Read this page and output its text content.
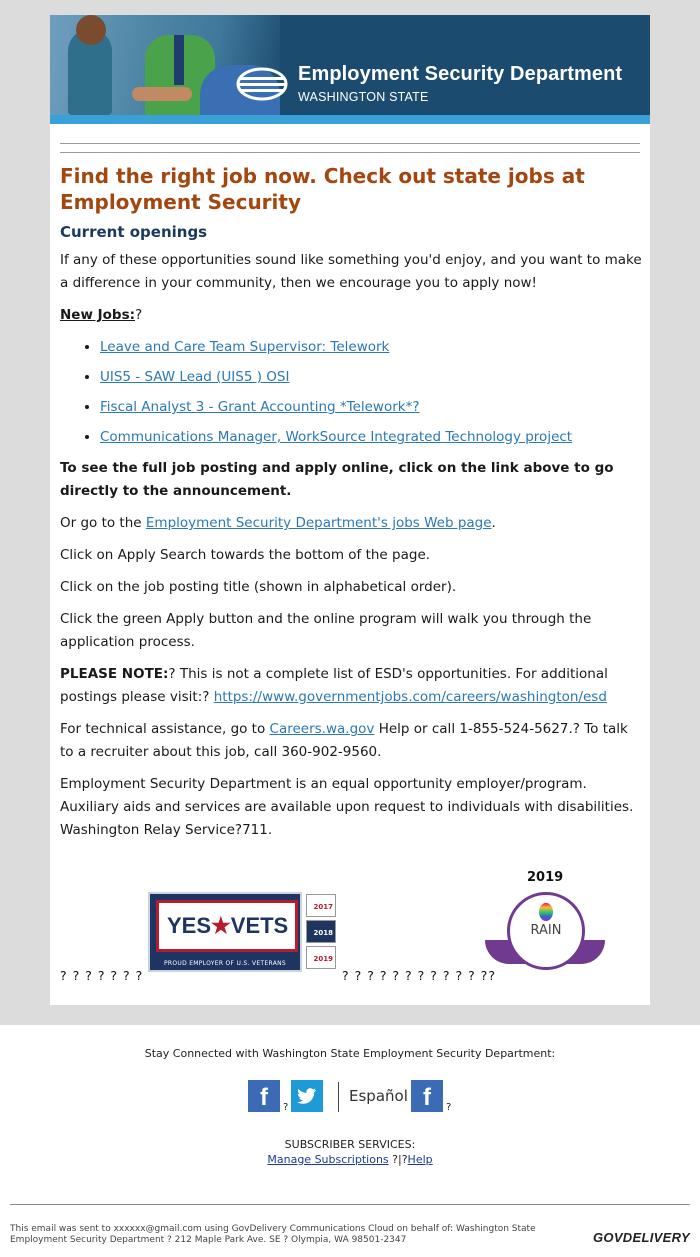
Employment Security Department
WASHINGTON STATE
Find the right job now. Check out state jobs at Employment Security
Current openings

If any of these opportunities sound like something you'd enjoy, and you want to make a difference in your community, then we encourage you to apply now!

New Jobs:?

• Leave and Care Team Supervisor: Telework
• UIS5 - SAW Lead (UIS5 ) OSI
• Fiscal Analyst 3 - Grant Accounting *Telework*?
• Communications Manager, WorkSource Integrated Technology project

To see the full job posting and apply online, click on the link above to go directly to the announcement.

Or go to the Employment Security Department's jobs Web page.

Click on Apply Search towards the bottom of the page.

Click on the job posting title (shown in alphabetical order).

Click the green Apply button and the online program will walk you through the application process.

PLEASE NOTE:? This is not a complete list of ESD's opportunities. For additional postings please visit:? https://www.governmentjobs.com/careers/washington/esd

For technical assistance, go to Careers.wa.gov Help or call 1-855-524-5627.? To talk to a recruiter about this job, call 360-902-9560.

Employment Security Department is an equal opportunity employer/program. Auxiliary aids and services are available upon request to individuals with disabilities. Washington Relay Service?711.

? ? ? ? ? ? ?
YES★VETS
PROUD EMPLOYER OF U.S. VETERANS
2017
2018
2019
? ? ? ? ? ? ? ? ? ? ? ??
2019
RAIN
Stay Connected with Washington State Employment Security Department:
f	?
Español f	?
SUBSCRIBER SERVICES:
Manage Subscriptions ?|?Help
This email was sent to xxxxxx@gmail.com using GovDelivery Communications Cloud on behalf of: Washington State Employment Security Department ? 212 Maple Park Ave. SE ? Olympia, WA 98501-2347	GOVDELIVERY
